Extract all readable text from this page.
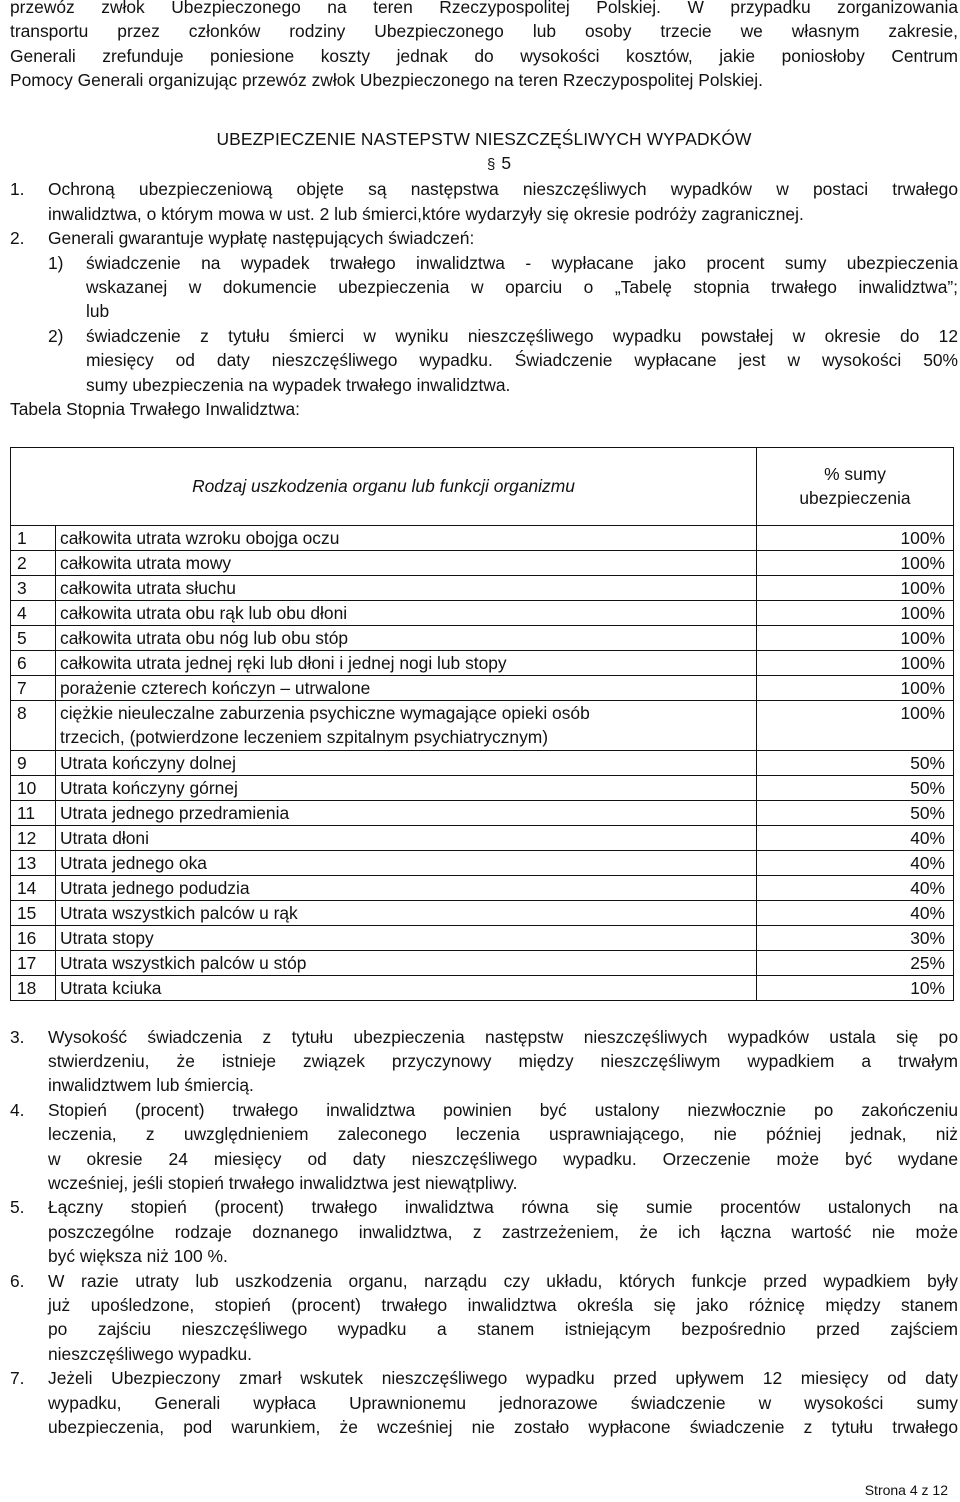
przewóz zwłok Ubezpieczonego na teren Rzeczypospolitej Polskiej. W przypadku zorganizowania
transportu przez członków rodziny Ubezpieczonego lub osoby trzecie we własnym zakresie,
Generali zrefunduje poniesione koszty jednak do wysokości kosztów, jakie poniosłoby Centrum
Pomocy Generali organizując przewóz zwłok Ubezpieczonego na teren Rzeczypospolitej Polskiej.
UBEZPIECZENIE NASTEPSTW NIESZCZĘŚLIWYCH WYPADKÓW
§ 5
1.	Ochroną ubezpieczeniową objęte są następstwa nieszczęśliwych wypadków w postaci trwałego
inwalidztwa, o którym mowa w ust. 2 lub śmierci,które wydarzyły się okresie podróży zagranicznej.
2.	Generali gwarantuje wypłatę następujących świadczeń:
1)	świadczenie na wypadek trwałego inwalidztwa - wypłacane jako procent sumy ubezpieczenia
wskazanej w dokumencie ubezpieczenia w oparciu o „Tabelę stopnia trwałego inwalidztwa”;
lub
2)	świadczenie z tytułu śmierci w wyniku nieszczęśliwego wypadku powstałej w okresie do 12
miesięcy od daty nieszczęśliwego wypadku. Świadczenie wypłacane jest w wysokości 50%
sumy ubezpieczenia na wypadek trwałego inwalidztwa.
Tabela Stopnia Trwałego Inwalidztwa:
Rodzaj uszkodzenia organu lub funkcji organizmu		% sumy
ubezpieczenia

1	całkowita utrata wzroku obojga oczu	100%
2	całkowita utrata mowy	100%
3	całkowita utrata słuchu	100%
4	całkowita utrata obu rąk lub obu dłoni	100%
5	całkowita utrata obu nóg lub obu stóp	100%
6	całkowita utrata jednej ręki lub dłoni i jednej nogi lub stopy	100%
7	porażenie czterech kończyn – utrwalone	100%
8	ciężkie nieuleczalne zaburzenia psychiczne wymagające opieki osób
trzecich, (potwierdzone leczeniem szpitalnym psychiatrycznym)	100%
9	Utrata kończyny dolnej	50%
10	Utrata kończyny górnej	50%
11	Utrata jednego przedramienia	50%
12	Utrata dłoni	40%
13	Utrata jednego oka	40%
14	Utrata jednego podudzia	40%
15	Utrata wszystkich palców u rąk	40%
16	Utrata stopy	30%
17	Utrata wszystkich palców u stóp	25%
18	Utrata kciuka	10%
3.	Wysokość świadczenia z tytułu ubezpieczenia następstw nieszczęśliwych wypadków ustala się po
stwierdzeniu, że istnieje związek przyczynowy między nieszczęśliwym wypadkiem a trwałym
inwalidztwem lub śmiercią.
4.	Stopień (procent) trwałego inwalidztwa powinien być ustalony niezwłocznie po zakończeniu
leczenia, z uwzględnieniem zaleconego leczenia usprawniającego, nie później jednak, niż
w okresie 24 miesięcy od daty nieszczęśliwego wypadku. Orzeczenie może być wydane
wcześniej, jeśli stopień trwałego inwalidztwa jest niewątpliwy.
5.	Łączny stopień (procent) trwałego inwalidztwa równa się sumie procentów ustalonych na
poszczególne rodzaje doznanego inwalidztwa, z zastrzeżeniem, że ich łączna wartość nie może
być większa niż 100 %.
6.	W razie utraty lub uszkodzenia organu, narządu czy układu, których funkcje przed wypadkiem były
już upośledzone, stopień (procent) trwałego inwalidztwa określa się jako różnicę między stanem
po zajściu nieszczęśliwego wypadku a stanem istniejącym bezpośrednio przed zajściem
nieszczęśliwego wypadku.
7.	Jeżeli Ubezpieczony zmarł wskutek nieszczęśliwego wypadku przed upływem 12 miesięcy od daty
wypadku, Generali wypłaca Uprawnionemu jednorazowe świadczenie w wysokości sumy
ubezpieczenia, pod warunkiem, że wcześniej nie zostało wypłacone świadczenie z tytułu trwałego
Strona 4 z 12
